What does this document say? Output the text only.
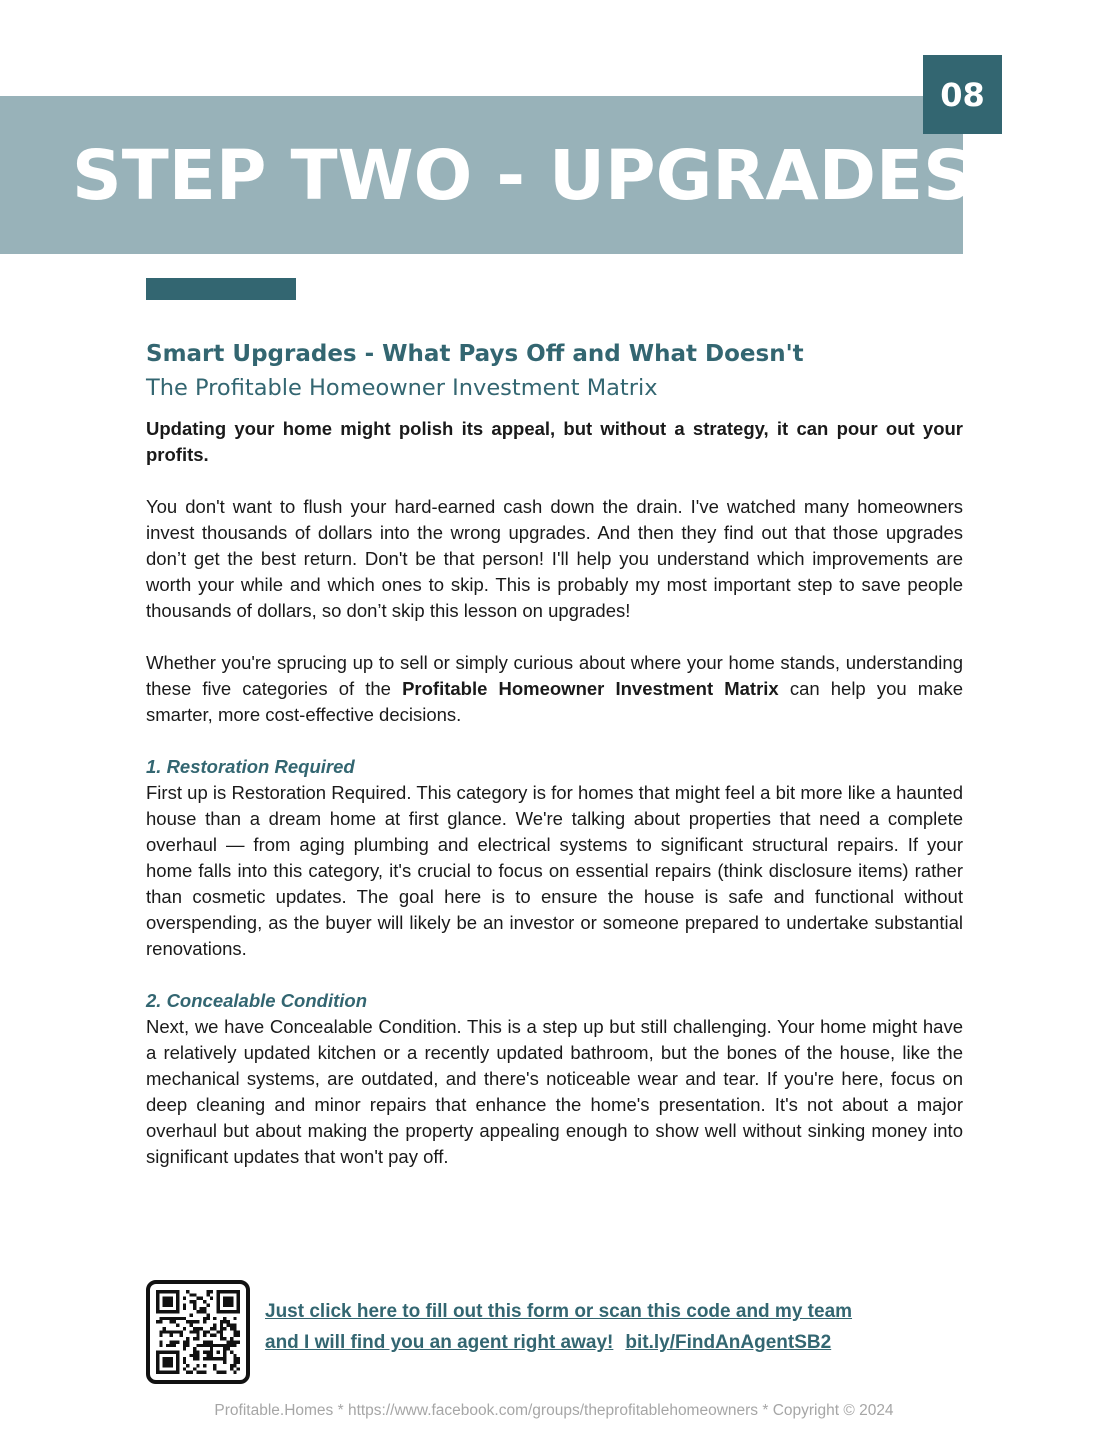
STEP TWO - UPGRADES
08
Smart Upgrades - What Pays Off and What Doesn't
The Profitable Homeowner Investment Matrix

Updating your home might polish its appeal, but without a strategy, it can pour out your profits.

You don't want to flush your hard-earned cash down the drain. I've watched many homeowners invest thousands of dollars into the wrong upgrades. And then they find out that those upgrades don’t get the best return. Don't be that person! I'll help you understand which improvements are worth your while and which ones to skip. This is probably my most important step to save people thousands of dollars, so don’t skip this lesson on upgrades!

Whether you're sprucing up to sell or simply curious about where your home stands, understanding these five categories of the Profitable Homeowner Investment Matrix can help you make smarter, more cost-effective decisions.

1. Restoration Required

First up is Restoration Required. This category is for homes that might feel a bit more like a haunted house than a dream home at first glance. We're talking about properties that need a complete overhaul — from aging plumbing and electrical systems to significant structural repairs. If your home falls into this category, it's crucial to focus on essential repairs (think disclosure items) rather than cosmetic updates. The goal here is to ensure the house is safe and functional without overspending, as the buyer will likely be an investor or someone prepared to undertake substantial renovations.

2. Concealable Condition

Next, we have Concealable Condition. This is a step up but still challenging. Your home might have a relatively updated kitchen or a recently updated bathroom, but the bones of the house, like the mechanical systems, are outdated, and there's noticeable wear and tear. If you're here, focus on deep cleaning and minor repairs that enhance the home's presentation. It's not about a major overhaul but about making the property appealing enough to show well without sinking money into significant updates that won't pay off.

Just click here to fill out this form or scan this code and my team
and I will find you an agent right away! bit.ly/FindAnAgentSB2
Profitable.Homes * https://www.facebook.com/groups/theprofitablehomeowners * Copyright © 2024
